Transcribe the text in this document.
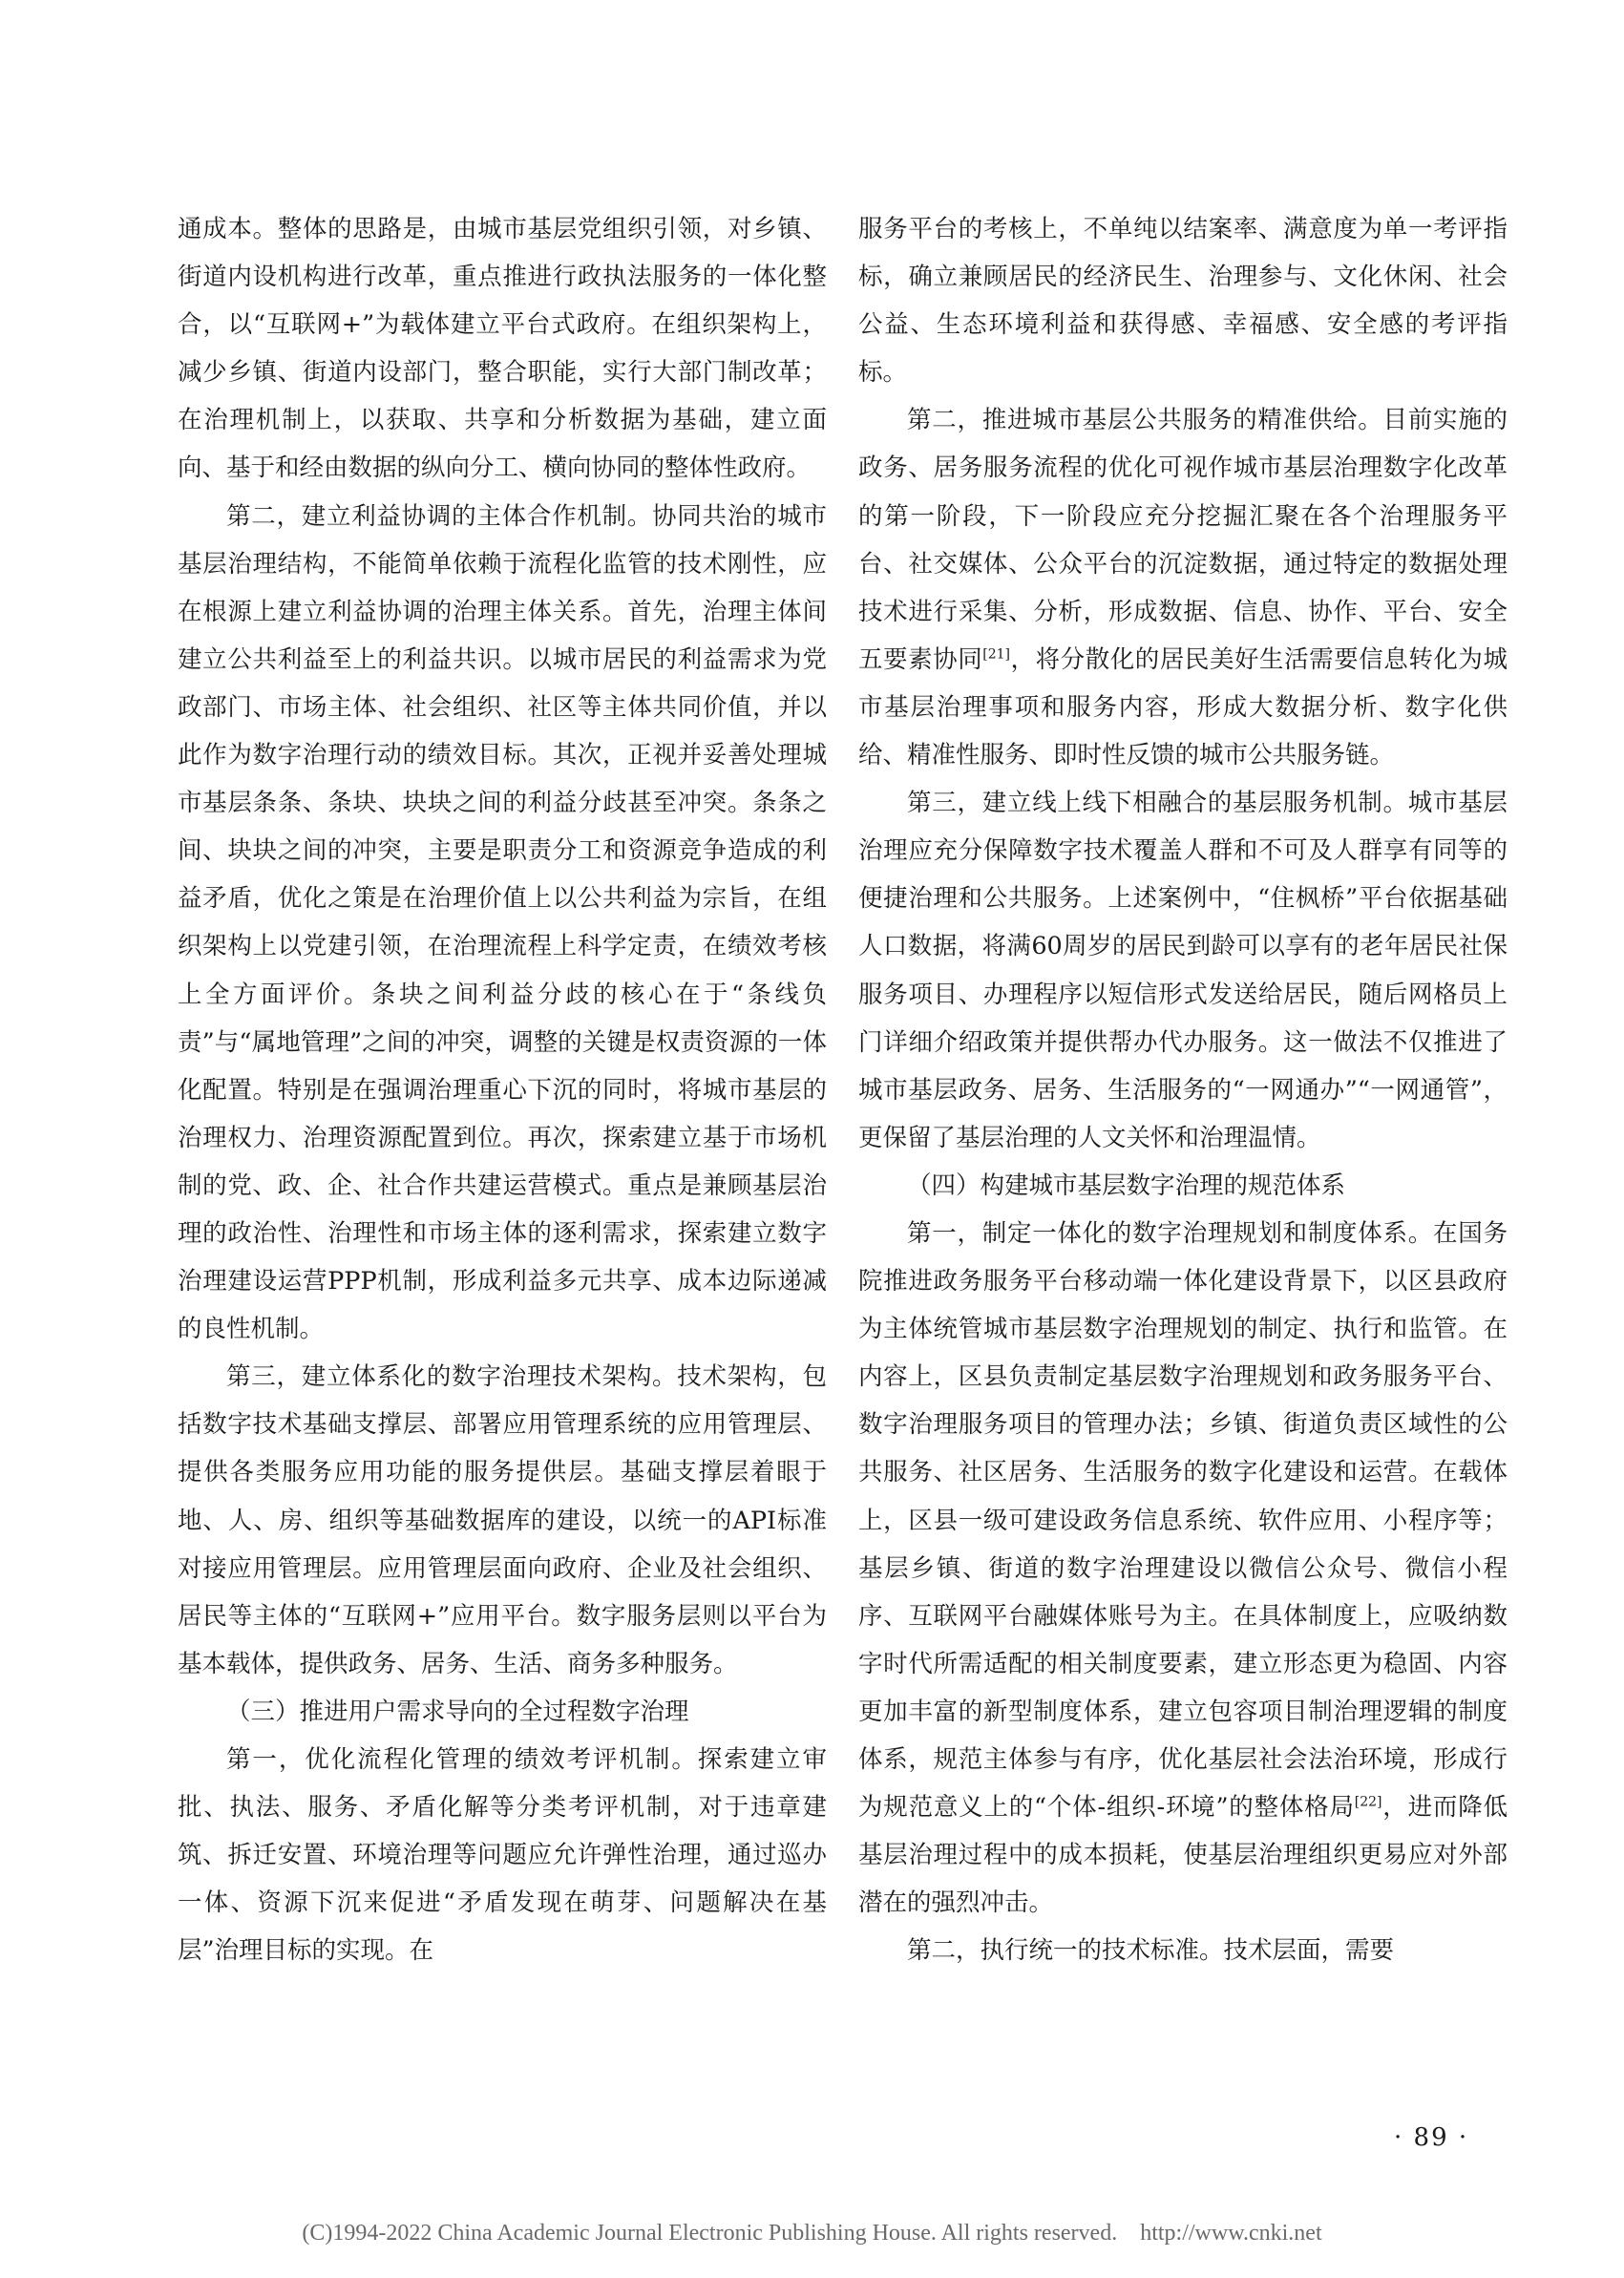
通成本。整体的思路是，由城市基层党组织引领，对乡镇、街道内设机构进行改革，重点推进行政执法服务的一体化整合，以“互联网+”为载体建立平台式政府。在组织架构上，减少乡镇、街道内设部门，整合职能，实行大部门制改革；在治理机制上，以获取、共享和分析数据为基础，建立面向、基于和经由数据的纵向分工、横向协同的整体性政府。

第二，建立利益协调的主体合作机制。协同共治的城市基层治理结构，不能简单依赖于流程化监管的技术刚性，应在根源上建立利益协调的治理主体关系。首先，治理主体间建立公共利益至上的利益共识。以城市居民的利益需求为党政部门、市场主体、社会组织、社区等主体共同价值，并以此作为数字治理行动的绩效目标。其次，正视并妥善处理城市基层条条、条块、块块之间的利益分歧甚至冲突。条条之间、块块之间的冲突，主要是职责分工和资源竞争造成的利益矛盾，优化之策是在治理价值上以公共利益为宗旨，在组织架构上以党建引领，在治理流程上科学定责，在绩效考核上全方面评价。条块之间利益分歧的核心在于“条线负责”与“属地管理”之间的冲突，调整的关键是权责资源的一体化配置。特别是在强调治理重心下沉的同时，将城市基层的治理权力、治理资源配置到位。再次，探索建立基于市场机制的党、政、企、社合作共建运营模式。重点是兼顾基层治理的政治性、治理性和市场主体的逐利需求，探索建立数字治理建设运营PPP机制，形成利益多元共享、成本边际递减的良性机制。

第三，建立体系化的数字治理技术架构。技术架构，包括数字技术基础支撑层、部署应用管理系统的应用管理层、提供各类服务应用功能的服务提供层。基础支撑层着眼于地、人、房、组织等基础数据库的建设，以统一的API标准对接应用管理层。应用管理层面向政府、企业及社会组织、居民等主体的“互联网+”应用平台。数字服务层则以平台为基本载体，提供政务、居务、生活、商务多种服务。

（三）推进用户需求导向的全过程数字治理

第一，优化流程化管理的绩效考评机制。探索建立审批、执法、服务、矛盾化解等分类考评机制，对于违章建筑、拆迁安置、环境治理等问题应允许弹性治理，通过巡办一体、资源下沉来促进“矛盾发现在萌芽、问题解决在基层”治理目标的实现。在

服务平台的考核上，不单纯以结案率、满意度为单一考评指标，确立兼顾居民的经济民生、治理参与、文化休闲、社会公益、生态环境利益和获得感、幸福感、安全感的考评指标。

第二，推进城市基层公共服务的精准供给。目前实施的政务、居务服务流程的优化可视作城市基层治理数字化改革的第一阶段，下一阶段应充分挖掘汇聚在各个治理服务平台、社交媒体、公众平台的沉淀数据，通过特定的数据处理技术进行采集、分析，形成数据、信息、协作、平台、安全五要素协同[21]，将分散化的居民美好生活需要信息转化为城市基层治理事项和服务内容，形成大数据分析、数字化供给、精准性服务、即时性反馈的城市公共服务链。

第三，建立线上线下相融合的基层服务机制。城市基层治理应充分保障数字技术覆盖人群和不可及人群享有同等的便捷治理和公共服务。上述案例中，“住枫桥”平台依据基础人口数据，将满60周岁的居民到龄可以享有的老年居民社保服务项目、办理程序以短信形式发送给居民，随后网格员上门详细介绍政策并提供帮办代办服务。这一做法不仅推进了城市基层政务、居务、生活服务的“一网通办”“一网通管”，更保留了基层治理的人文关怀和治理温情。

（四）构建城市基层数字治理的规范体系

第一，制定一体化的数字治理规划和制度体系。在国务院推进政务服务平台移动端一体化建设背景下，以区县政府为主体统管城市基层数字治理规划的制定、执行和监管。在内容上，区县负责制定基层数字治理规划和政务服务平台、数字治理服务项目的管理办法；乡镇、街道负责区域性的公共服务、社区居务、生活服务的数字化建设和运营。在载体上，区县一级可建设政务信息系统、软件应用、小程序等；基层乡镇、街道的数字治理建设以微信公众号、微信小程序、互联网平台融媒体账号为主。在具体制度上，应吸纳数字时代所需适配的相关制度要素，建立形态更为稳固、内容更加丰富的新型制度体系，建立包容项目制治理逻辑的制度体系，规范主体参与有序，优化基层社会法治环境，形成行为规范意义上的“个体-组织-环境”的整体格局[22]，进而降低基层治理过程中的成本损耗，使基层治理组织更易应对外部潜在的强烈冲击。

第二，执行统一的技术标准。技术层面，需要

· 89 ·
(C)1994-2022 China Academic Journal Electronic Publishing House. All rights reserved.    http://www.cnki.net
